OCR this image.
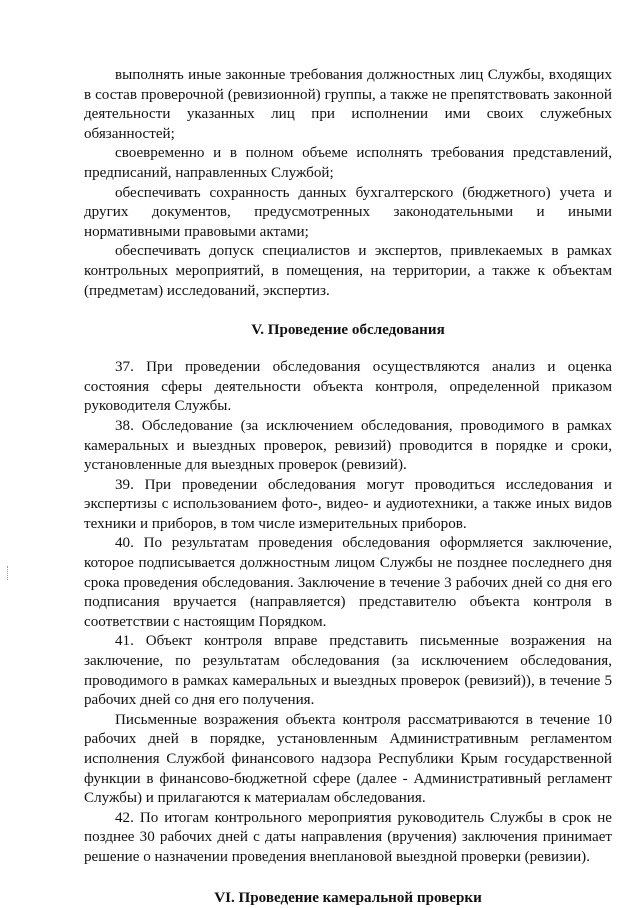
выполнять иные законные требования должностных лиц Службы, входящих в состав проверочной (ревизионной) группы, а также не препятствовать законной деятельности указанных лиц при исполнении ими своих служебных обязанностей;

своевременно и в полном объеме исполнять требования представлений, предписаний, направленных Службой;

обеспечивать сохранность данных бухгалтерского (бюджетного) учета и других документов, предусмотренных законодательными и иными нормативными правовыми актами;

обеспечивать допуск специалистов и экспертов, привлекаемых в рамках контрольных мероприятий, в помещения, на территории, а также к объектам (предметам) исследований, экспертиз.

V. Проведение обследования

37. При проведении обследования осуществляются анализ и оценка состояния сферы деятельности объекта контроля, определенной приказом руководителя Службы.

38. Обследование (за исключением обследования, проводимого в рамках камеральных и выездных проверок, ревизий) проводится в порядке и сроки, установленные для выездных проверок (ревизий).

39. При проведении обследования могут проводиться исследования и экспертизы с использованием фото-, видео- и аудиотехники, а также иных видов техники и приборов, в том числе измерительных приборов.

40. По результатам проведения обследования оформляется заключение, которое подписывается должностным лицом Службы не позднее последнего дня срока проведения обследования. Заключение в течение 3 рабочих дней со дня его подписания вручается (направляется) представителю объекта контроля в соответствии с настоящим Порядком.

41. Объект контроля вправе представить письменные возражения на заключение, по результатам обследования (за исключением обследования, проводимого в рамках камеральных и выездных проверок (ревизий)), в течение 5 рабочих дней со дня его получения.

Письменные возражения объекта контроля рассматриваются в течение 10 рабочих дней в порядке, установленным Административным регламентом исполнения Службой финансового надзора Республики Крым государственной функции в финансово-бюджетной сфере (далее - Административный регламент Службы) и прилагаются к материалам обследования.

42. По итогам контрольного мероприятия руководитель Службы в срок не позднее 30 рабочих дней с даты направления (вручения) заключения принимает решение о назначении проведения внеплановой выездной проверки (ревизии).

VI. Проведение камеральной проверки
